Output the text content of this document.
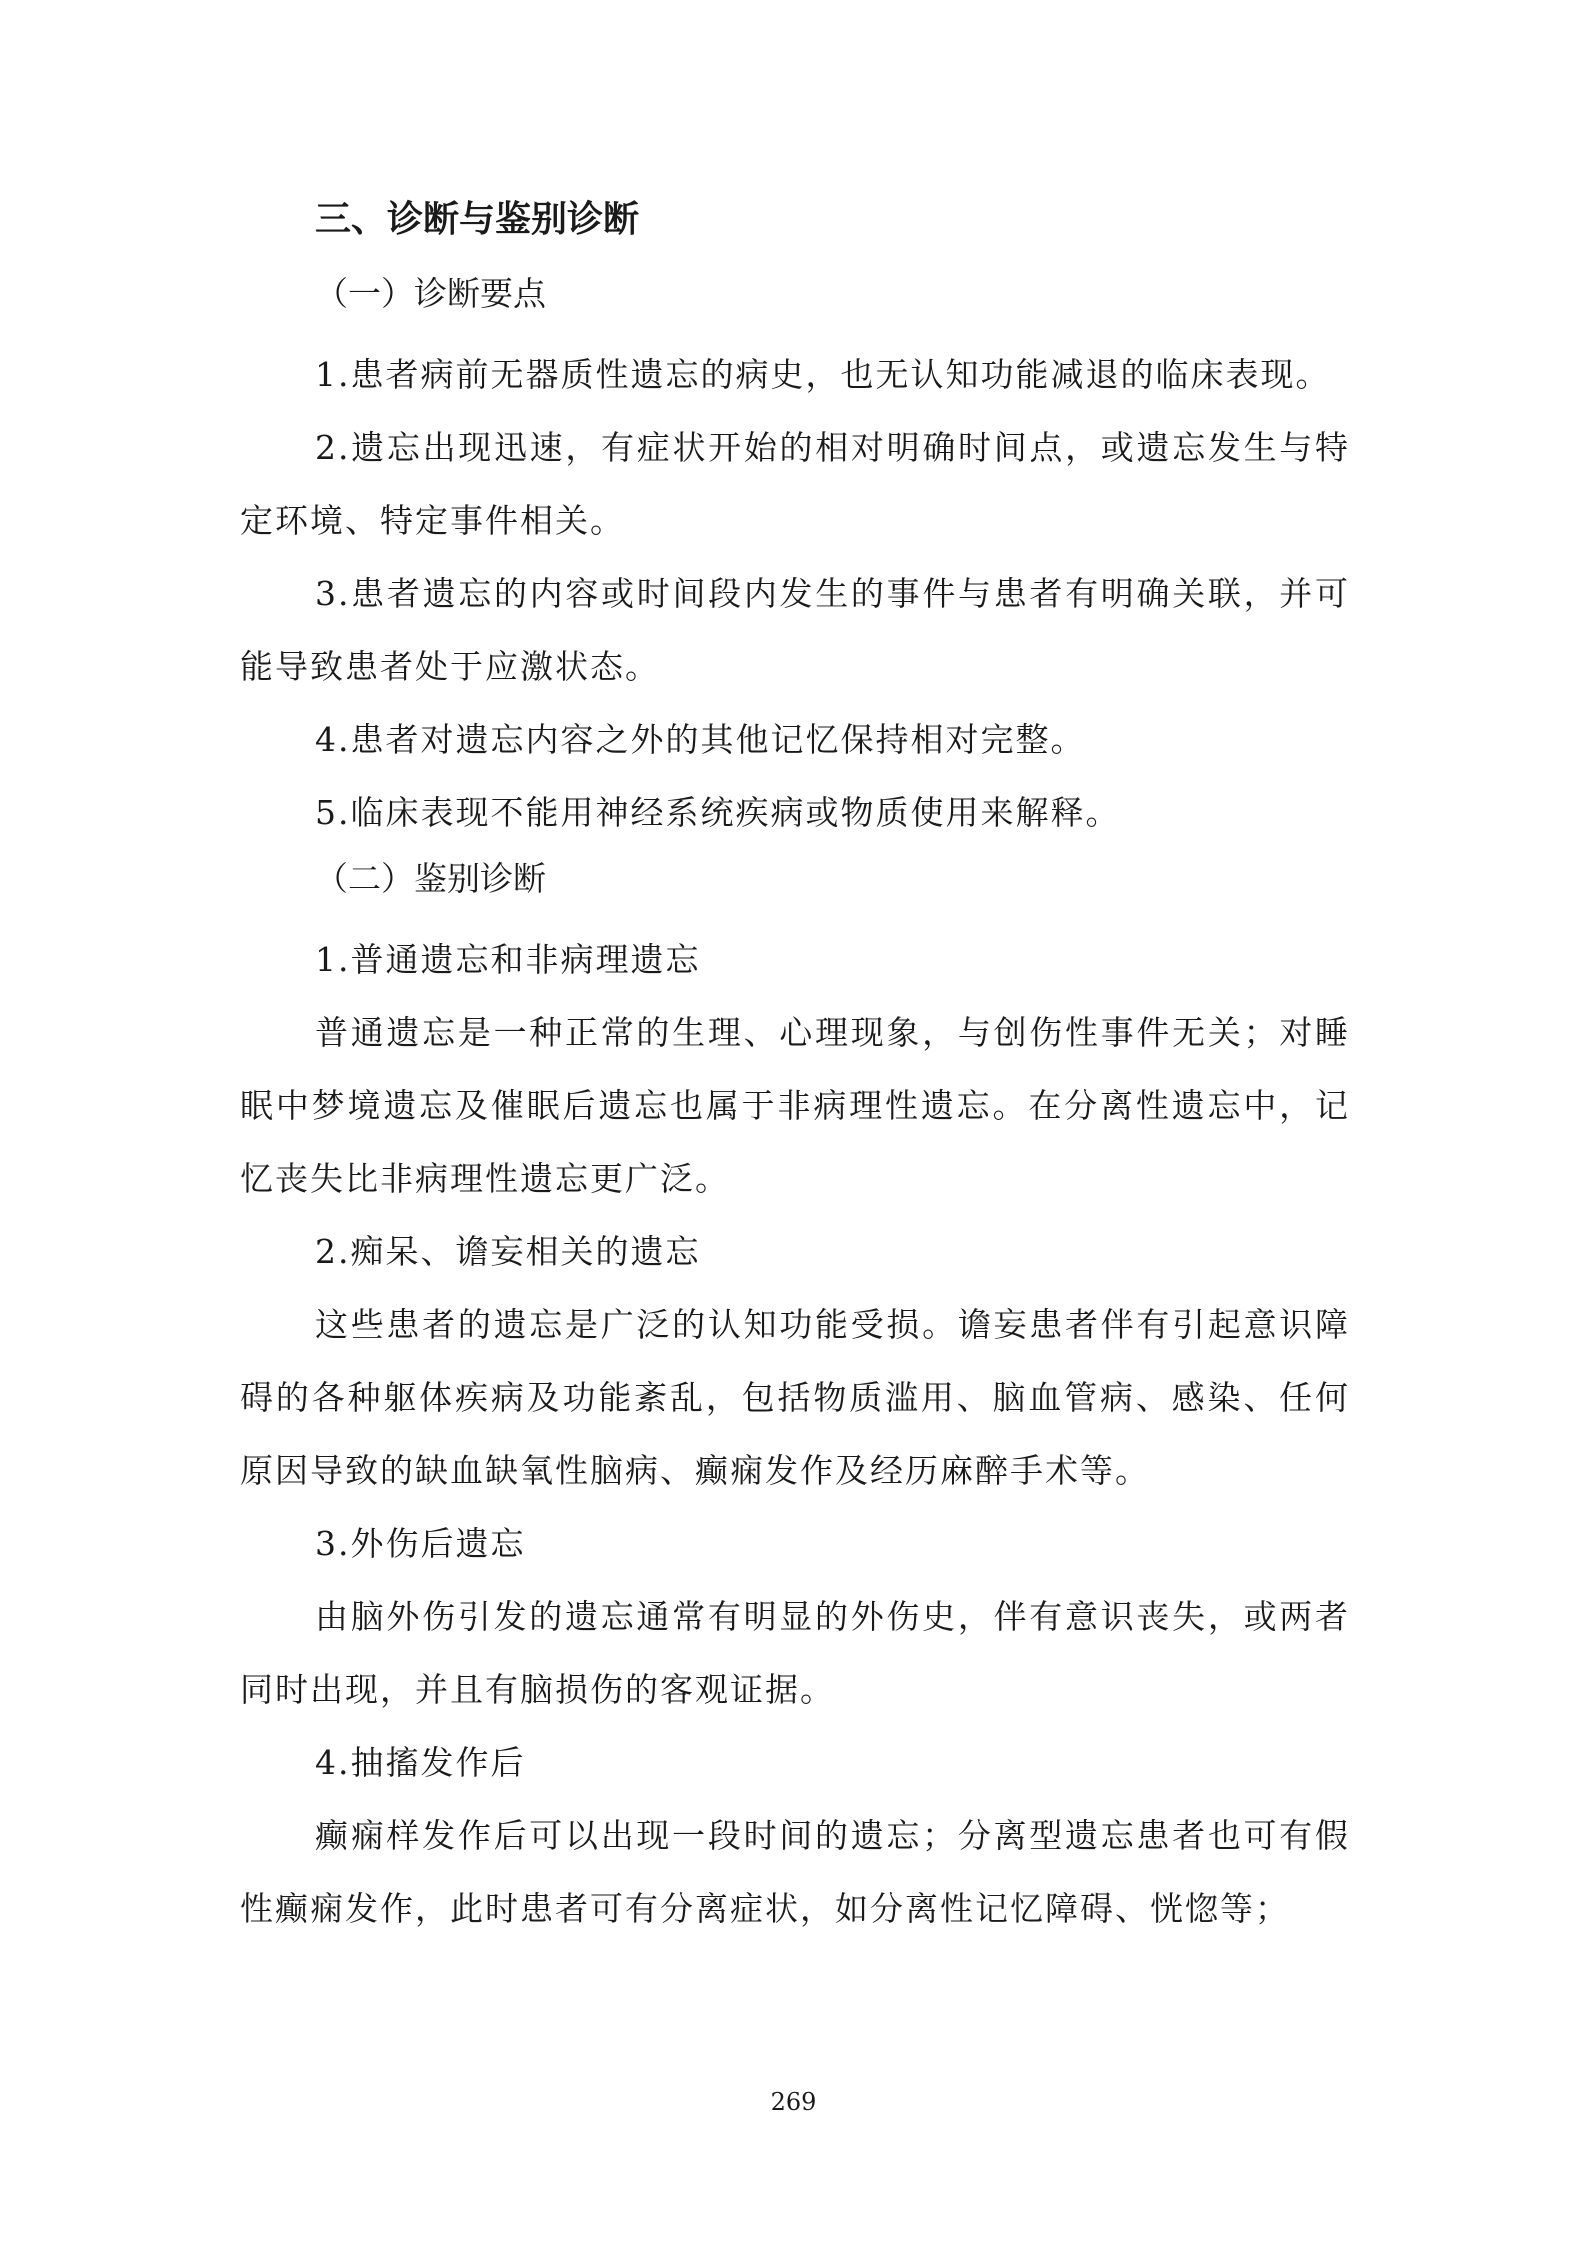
三、诊断与鉴别诊断
（一）诊断要点

1.患者病前无器质性遗忘的病史，也无认知功能减退的临床表现。

2.遗忘出现迅速，有症状开始的相对明确时间点，或遗忘发生与特定环境、特定事件相关。

3.患者遗忘的内容或时间段内发生的事件与患者有明确关联，并可能导致患者处于应激状态。

4.患者对遗忘内容之外的其他记忆保持相对完整。

5.临床表现不能用神经系统疾病或物质使用来解释。

（二）鉴别诊断

1.普通遗忘和非病理遗忘

普通遗忘是一种正常的生理、心理现象，与创伤性事件无关；对睡眠中梦境遗忘及催眠后遗忘也属于非病理性遗忘。在分离性遗忘中，记忆丧失比非病理性遗忘更广泛。

2.痴呆、谵妄相关的遗忘

这些患者的遗忘是广泛的认知功能受损。谵妄患者伴有引起意识障碍的各种躯体疾病及功能紊乱，包括物质滥用、脑血管病、感染、任何原因导致的缺血缺氧性脑病、癫痫发作及经历麻醉手术等。

3.外伤后遗忘

由脑外伤引发的遗忘通常有明显的外伤史，伴有意识丧失，或两者同时出现，并且有脑损伤的客观证据。

4.抽搐发作后

癫痫样发作后可以出现一段时间的遗忘；分离型遗忘患者也可有假性癫痫发作，此时患者可有分离症状，如分离性记忆障碍、恍惚等；

269
